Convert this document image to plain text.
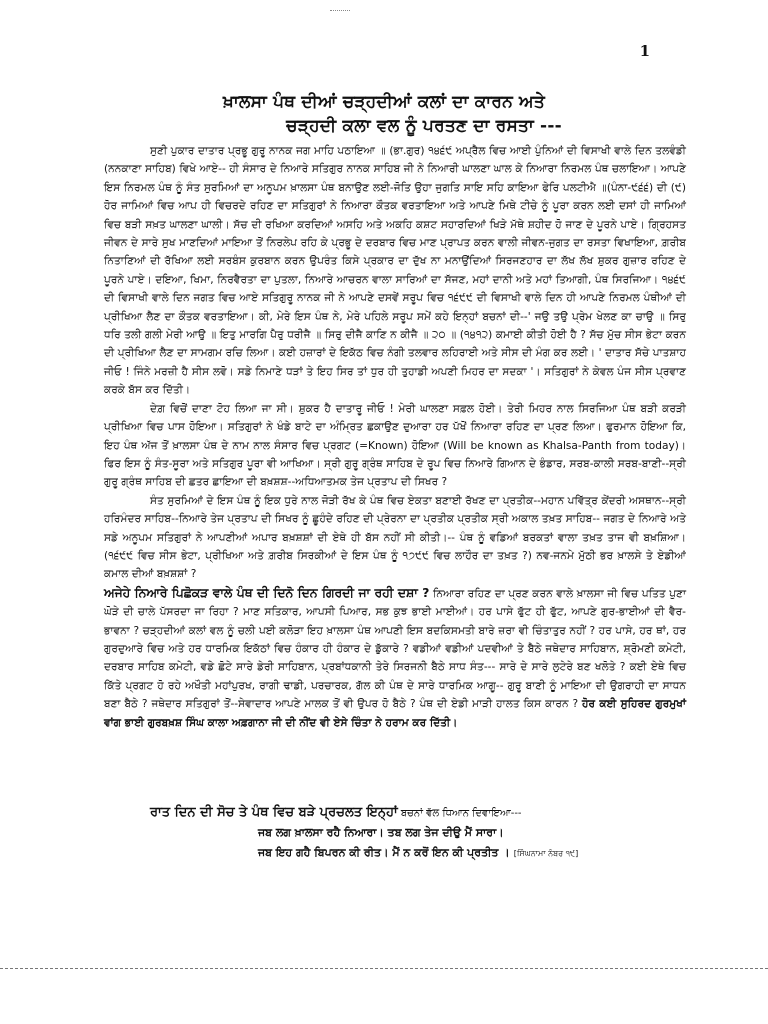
1
ਖ਼ਾਲਸਾ ਪੰਥ ਦੀਆਂ ਚੜ੍ਹਦੀਆਂ ਕਲਾਂ ਦਾ ਕਾਰਨ ਅਤੇ
ਚੜ੍ਹਦੀ ਕਲਾ ਵਲ ਨੂੰ ਪਰਤਣ ਦਾ ਰਸਤਾ ---

ਸੁਣੀ ਪੁਕਾਰ ਦਾਤਾਰ ਪ੍ਰਭੂ ਗੁਰੂ ਨਾਨਕ ਜਗ ਮਾਹਿ ਪਠਾਇਆ ॥ (ਭਾ.ਗੁਰ) ੧੪੬੯ ਅਪ੍ਰੈਲ ਵਿਚ ਆਈ ਪੁੰਨਿਆਂ ਦੀ ਵਿਸਾਖੀ ਵਾਲੇ ਦਿਨ ਤਲਵੰਡੀ (ਨਨਕਾਣਾ ਸਾਹਿਬ) ਵਿਖੇ ਆਏ-- ਹੀ ਸੰਸਾਰ ਦੇ ਨਿਆਰੇ ਸਤਿਗੁਰ ਨਾਨਕ ਸਾਹਿਬ ਜੀ ਨੇ ਨਿਆਰੀ ਘਾਲਣਾ ਘਾਲ ਕੇ ਨਿਆਰਾ ਨਿਰਮਲ ਪੰਥ ਚਲਾਇਆ। ਆਪਣੇ ਇਸ ਨਿਰਮਲ ਪੰਥ ਨੂੰ ਸੰਤ ਸੁਰਮਿਆਂ ਦਾ ਅਨੂਪਮ ਖ਼ਾਲਸਾ ਪੰਥ ਬਨਾਉਣ ਲਈ-ਜੋਤਿ ਉਹਾ ਜੁਗਤਿ ਸਾਇ ਸਹਿ ਕਾਇਆ ਫੇਰਿ ਪਲਟੀਐ ॥(ਪੰਨਾ-੯੬੬) ਦੀ (੯) ਹੋਰ ਜਾਮਿਆਂ ਵਿਚ ਆਪ ਹੀ ਵਿਚਰਦੇ ਰਹਿਣ ਦਾ ਸਤਿਗੁਰਾਂ ਨੇ ਨਿਆਰਾ ਕੌਤਕ ਵਰਤਾਇਆ ਅਤੇ ਆਪਣੇ ਮਿਥੇ ਟੀਚੇ ਨੂੰ ਪੂਰਾ ਕਰਨ ਲਈ ਦਸਾਂ ਹੀ ਜਾਮਿਆਂ ਵਿਚ ਬੜੀ ਸਖ਼ਤ ਘਾਲਣਾ ਘਾਲੀ। ਸੱਚ ਦੀ ਰਖਿਆ ਕਰਦਿਆਂ ਅਸਹਿ ਅਤੇ ਅਕਹਿ ਕਸ਼ਟ ਸਹਾਰਦਿਆਂ ਖਿੜੇ ਮੱਥੇ ਸ਼ਹੀਦ ਹੋ ਜਾਣ ਦੇ ਪੂਰਨੇ ਪਾਏ। ਗ੍ਰਿਹਸਤ ਜੀਵਨ ਦੇ ਸਾਰੇ ਸੁਖ ਮਾਣਦਿਆਂ ਮਾਇਆ ਤੋਂ ਨਿਰਲੇਪ ਰਹਿ ਕੇ ਪ੍ਰਭੂ ਦੇ ਦਰਬਾਰ ਵਿਚ ਮਾਣ ਪ੍ਰਾਪਤ ਕਰਨ ਵਾਲੀ ਜੀਵਨ-ਜੁਗਤ ਦਾ ਰਸਤਾ ਵਿਖਾਇਆ, ਗ਼ਰੀਬ ਨਿਤਾਣਿਆਂ ਦੀ ਰੱਖਿਆ ਲਈ ਸਰਬੰਸ ਕੁਰਬਾਨ ਕਰਨ ਉਪਰੰਤ ਕਿਸੇ ਪ੍ਰਕਾਰ ਦਾ ਦੁੱਖ ਨਾ ਮਨਾਉਂਦਿਆਂ ਸਿਰਜਣਹਾਰ ਦਾ ਲੱਖ ਲੱਖ ਸ਼ੁਕਰ ਗੁਜ਼ਾਰ ਰਹਿਣ ਦੇ ਪੂਰਨੇ ਪਾਏ। ਦਇਆ, ਖਿਮਾ, ਨਿਰਵੈਰਤਾ ਦਾ ਪੁਤਲਾ, ਨਿਆਰੇ ਆਚਰਨ ਵਾਲਾ ਸਾਰਿਆਂ ਦਾ ਸੱਜਣ, ਮਹਾਂ ਦਾਨੀ ਅਤੇ ਮਹਾਂ ਤਿਆਗੀ, ਪੰਥ ਸਿਰਜਿਆ। ੧੪੬੯ ਦੀ ਵਿਸਾਖੀ ਵਾਲੇ ਦਿਨ ਜਗਤ ਵਿਚ ਆਏ ਸਤਿਗੁਰੂ ਨਾਨਕ ਜੀ ਨੇ ਆਪਣੇ ਦਸਵੇਂ ਸਰੂਪ ਵਿਚ ੧੬੯੯ ਦੀ ਵਿਸਾਖੀ ਵਾਲੇ ਦਿਨ ਹੀ ਆਪਣੇ ਨਿਰਮਲ ਪੰਥੀਆਂ ਦੀ ਪ੍ਰੀਖਿਆ ਲੈਣ ਦਾ ਕੌਤਕ ਵਰਤਾਇਆ। ਕੀ, ਮੇਰੇ ਇਸ ਪੰਥ ਨੇ, ਮੇਰੇ ਪਹਿਲੇ ਸਰੂਪ ਸਮੇਂ ਕਹੇ ਇਨ੍ਹਾਂ ਬਚਨਾਂ ਦੀ--' ਜਉ ਤਉ ਪ੍ਰੇਮ ਖੇਲਣ ਕਾ ਚਾਉ ॥ ਸਿਰੁ ਧਰਿ ਤਲੀ ਗਲੀ ਮੇਰੀ ਆਉ ॥ ਇਤੁ ਮਾਰਗਿ ਪੈਰੁ ਧਰੀਜੈ ॥ ਸਿਰੁ ਦੀਜੈ ਕਾਣਿ ਨ ਕੀਜੈ ॥ ੨੦ ॥ (੧੪੧੨) ਕਮਾਈ ਕੀਤੀ ਹੋਈ ਹੈ ? ਸੱਚ ਮੁੱਚ ਸੀਸ ਭੇਟਾ ਕਰਨ ਦੀ ਪ੍ਰੀਖਿਆ ਲੈਣ ਦਾ ਸਾਮਗਮ ਰਚਿ ਲਿਆ। ਕਈ ਹਜ਼ਾਰਾਂ ਦੇ ਇਕੱਠ ਵਿਚ ਨੰਗੀ ਤਲਵਾਰ ਲਹਿਰਾਈ ਅਤੇ ਸੀਸ ਦੀ ਮੰਗ ਕਰ ਲਈ। ' ਦਾਤਾਰ ਸੱਚੇ ਪਾਤਸ਼ਾਹ ਜੀਓ ! ਜਿੰਨੇ ਮਰਜ਼ੀ ਹੈ ਸੀਸ ਲਵੋ। ਸਡੇ ਨਿਮਾਣੇ ਧੜਾਂ ਤੇ ਇਹ ਸਿਰ ਤਾਂ ਧੁਰ ਹੀ ਤੁਹਾਡੀ ਅਪਣੀ ਮਿਹਰ ਦਾ ਸਦਕਾ '। ਸਤਿਗੁਰਾਂ ਨੇ ਕੇਵਲ ਪੰਜ ਸੀਸ ਪ੍ਰਵਾਣ ਕਰਕੇ ਬੱਸ ਕਰ ਦਿੱਤੀ।

ਦੇਗ਼ ਵਿਚੋਂ ਦਾਣਾ ਟੋਹ ਲਿਆ ਜਾ ਸੀ। ਸ਼ੁਕਰ ਹੈ ਦਾਤਾਰੂ ਜੀਓ ! ਮੇਰੀ ਘਾਲਣਾ ਸਫ਼ਲ ਹੋਈ। ਤੇਰੀ ਮਿਹਰ ਨਾਲ ਸਿਰਜਿਆ ਪੰਥ ਬੜੀ ਕਰੜੀ ਪ੍ਰੀਖਿਆ ਵਿਚ ਪਾਸ ਹੋਇਆ। ਸਤਿਗੁਰਾਂ ਨੇ ਖੰਡੇ ਬਾਟੇ ਦਾ ਅੰਮ੍ਰਿਤ ਛਕਾਉਣ ਦੁਆਰਾ ਹਰ ਪੱਖੋਂ ਨਿਆਰਾ ਰਹਿਣ ਦਾ ਪ੍ਰਣ ਲਿਆ। ਫੁਰਮਾਨ ਹੋਇਆ ਕਿ, ਇਹ ਪੰਥ ਅੱਜ ਤੋਂ ਖ਼ਾਲਸਾ ਪੰਥ ਦੇ ਨਾਮ ਨਾਲ ਸੰਸਾਰ ਵਿਚ ਪ੍ਰਗਟ (=Known) ਹੋਇਆ (Will be known as Khalsa-Panth from today)। ਫਿਰ ਇਸ ਨੂੰ ਸੰਤ-ਸੂਰਾ ਅਤੇ ਸਤਿਗੁਰ ਪੂਰਾ ਵੀ ਆਖਿਆ। ਸ੍ਰੀ ਗੁਰੂ ਗ੍ਰੰਥ ਸਾਹਿਬ ਦੇ ਰੂਪ ਵਿਚ ਨਿਆਰੇ ਗਿਆਨ ਦੇ ਭੰਡਾਰ, ਸਰਬ-ਕਾਲੀ ਸਰਬ-ਬਾਣੀ--ਸ੍ਰੀ ਗੁਰੂ ਗ੍ਰੰਥ ਸਾਹਿਬ ਦੀ ਛਤਰ ਛਾਇਆ ਦੀ ਬਖ਼ਸ਼ਸ਼--ਅਧਿਆਤਮਕ ਤੇਜ ਪ੍ਰਤਾਪ ਦੀ ਸਿਖਰ ?

ਸੰਤ ਸੁਰਮਿਆਂ ਦੇ ਇਸ ਪੰਥ ਨੂੰ ਇਕ ਧੁਰੇ ਨਾਲ ਜੋੜੀ ਰੱਖ ਕੇ ਪੰਥ ਵਿਚ ਏਕਤਾ ਬਣਾਈ ਰੱਖਣ ਦਾ ਪ੍ਰਤੀਕ--ਮਹਾਨ ਪਵਿੱਤ੍ਰ ਕੇਂਦਰੀ ਅਸਥਾਨ--ਸ੍ਰੀ ਹਰਿਮੰਦਰ ਸਾਹਿਬ--ਨਿਆਰੇ ਤੇਜ ਪ੍ਰਤਾਪ ਦੀ ਸਿਖਰ ਨੂੰ ਛੂਹੰਦੇ ਰਹਿਣ ਦੀ ਪ੍ਰੇਰਨਾ ਦਾ ਪ੍ਰਤੀਕ ਪ੍ਰਤੀਕ ਸ੍ਰੀ ਅਕਾਲ ਤਖ਼ਤ ਸਾਹਿਬ-- ਜਗਤ ਦੇ ਨਿਆਰੇ ਅਤੇ ਸਡੇ ਅਨੂਪਮ ਸਤਿਗੁਰਾਂ ਨੇ ਆਪਣੀਆਂ ਅਪਾਰ ਬਖ਼ਸ਼ਸ਼ਾਂ ਦੀ ਏਥੇ ਹੀ ਬੱਸ ਨਹੀਂ ਸੀ ਕੀਤੀ।-- ਪੰਥ ਨੂੰ ਵਡਿਆਂ ਬਰਕਤਾਂ ਵਾਲਾ ਤਖ਼ਤ ਤਾਜ ਵੀ ਬਖ਼ਸ਼ਿਆ। (੧੬੯੯ ਵਿਚ ਸੀਸ ਭੇਟਾ, ਪ੍ਰੀਖਿਆ ਅਤੇ ਗ਼ਰੀਬ ਸਿਰਕੀਆਂ ਦੇ ਇਸ ਪੰਥ ਨੂੰ ੧੭੯੯ ਵਿਚ ਲਾਹੌਰ ਦਾ ਤਖ਼ਤ ?) ਨਵ-ਜਨਮੇ ਮੁੱਠੀ ਭਰ ਖ਼ਾਲਸੇ ਤੇ ਏਡੀਆਂ ਕਮਾਲ ਦੀਆਂ ਬਖ਼ਸ਼ਸ਼ਾਂ ?

ਅਜੇਹੇ ਨਿਆਰੇ ਪਿਛੋਕੜ ਵਾਲੇ ਪੰਥ ਦੀ ਦਿਨੋ ਦਿਨ ਗਿਰਦੀ ਜਾ ਰਹੀ ਦਸ਼ਾ ? ਨਿਆਰਾ ਰਹਿਣ ਦਾ ਪ੍ਰਣ ਕਰਨ ਵਾਲੇ ਖ਼ਾਲਸਾ ਜੀ ਵਿਚ ਪਤਿਤ ਪੁਣਾ ਘੋੜੇ ਦੀ ਚਾਲੇ ਪੱਸਰਦਾ ਜਾ ਰਿਹਾ ? ਮਾਣ ਸਤਿਕਾਰ, ਆਪਸੀ ਪਿਆਰ, ਸਭ ਕੁਝ ਭਾਈ ਮਾਈਆਂ। ਹਰ ਪਾਸੇ ਫੁੱਟ ਹੀ ਫੁੱਟ, ਆਪਣੇ ਗੁਰ-ਭਾਈਆਂ ਦੀ ਵੈਰ-ਭਾਵਨਾ ? ਚੜ੍ਹਦੀਆਂ ਕਲਾਂ ਵਲ ਨੂੰ ਚਲੀ ਪਈ ਕਲੋੜਾ ਇਹ ਖ਼ਾਲਸਾ ਪੰਥ ਆਪਣੀ ਇਸ ਬਦਕਿਸਮਤੀ ਬਾਰੇ ਜ਼ਰਾ ਵੀ ਚਿੰਤਾਤੁਰ ਨਹੀਂ ? ਹਰ ਪਾਸੇ, ਹਰ ਥਾਂ, ਹਰ ਗੁਰਦੁਆਰੇ ਵਿਚ ਅਤੇ ਹਰ ਧਾਰਮਿਕ ਇਕੱਠਾਂ ਵਿਚ ਹੰਕਾਰ ਹੀ ਹੰਕਾਰ ਦੇ ਡੁੱਕਾਰੇ ? ਵਡੀਆਂ ਵਡੀਆਂ ਪਦਵੀਆਂ ਤੇ ਬੈਠੇ ਜਥੇਦਾਰ ਸਾਹਿਬਾਨ, ਸ਼੍ਰੋਮਣੀ ਕਮੇਟੀ, ਦਰਬਾਰ ਸਾਹਿਬ ਕਮੇਟੀ, ਵਡੇ ਛੋਟੇ ਸਾਰੇ ਡੇਰੀ ਸਾਹਿਬਾਨ, ਪ੍ਰਬਾਂਧਕਾਨੀ ਤੇਰੇ ਸਿਰਜਨੀ ਬੈਠੇ ਸਾਧ ਸੰਤ--- ਸਾਰੇ ਦੇ ਸਾਰੇ ਲੁਟੇਰੇ ਬਣ ਖਲੋਤੇ ? ਕਈ ਏਥੇ ਵਿਚ ਕਿੱਤੇ ਪ੍ਰਗਟ ਹੋ ਰਹੇ ਅਖੌਤੀ ਮਹਾਂਪੁਰਖ, ਰਾਗੀ ਢਾਡੀ, ਪਰਚਾਰਕ, ਗੱਲ ਕੀ ਪੰਥ ਦੇ ਸਾਰੇ ਧਾਰਮਿਕ ਆਗੂ-- ਗੁਰੂ ਬਾਣੀ ਨੂੰ ਮਾਇਆ ਦੀ ਉਗਰਾਹੀ ਦਾ ਸਾਧਨ ਬਣਾ ਬੈਠੇ ? ਜਥੇਦਾਰ ਸਤਿਗੁਰਾਂ ਤੋਂ--ਸੇਵਾਦਾਰ ਆਪਣੇ ਮਾਲਕ ਤੋਂ ਵੀ ਉਪਰ ਹੋ ਬੈਠੇ ? ਪੰਥ ਦੀ ਏਡੀ ਮਾੜੀ ਹਾਲਤ ਕਿਸ ਕਾਰਨ ? ਹੋਰ ਕਈ ਸੁਹਿਰਦ ਗੁਰਮੁਖਾਂ ਵਾਂਗ ਭਾਈ ਗੁਰਬਖ਼ਸ਼ ਸਿੰਘ ਕਾਲਾ ਅਫ਼ਗਾਨਾ ਜੀ ਦੀ ਨੀਂਦ ਵੀ ਏਸੇ ਚਿੰਤਾ ਨੇ ਹਰਾਮ ਕਰ ਦਿੱਤੀ।

ਰਾਤ ਦਿਨ ਦੀ ਸੋਚ ਤੇ ਪੰਥ ਵਿਚ ਬੜੇ ਪ੍ਰਚਲਤ ਇਨ੍ਹਾਂ ਬਚਨਾਂ ਵੱਲ ਧਿਆਨ ਦਿਵਾਇਆ---
ਜਬ ਲਗ ਖ਼ਾਲਸਾ ਰਹੈ ਨਿਆਰਾ। ਤਬ ਲਗ ਤੇਜ ਦੀਉ ਮੈਂ ਸਾਰਾ।
ਜਬ ਇਹ ਗਹੈ ਬਿਪਰਨ ਕੀ ਰੀਤ। ਮੈਂ ਨ ਕਰੋਂ ਇਨ ਕੀ ਪ੍ਰਤੀਤ । [ਸਿੰਘਨਾਮਾ ਨੰਬਰ ੧੯]
